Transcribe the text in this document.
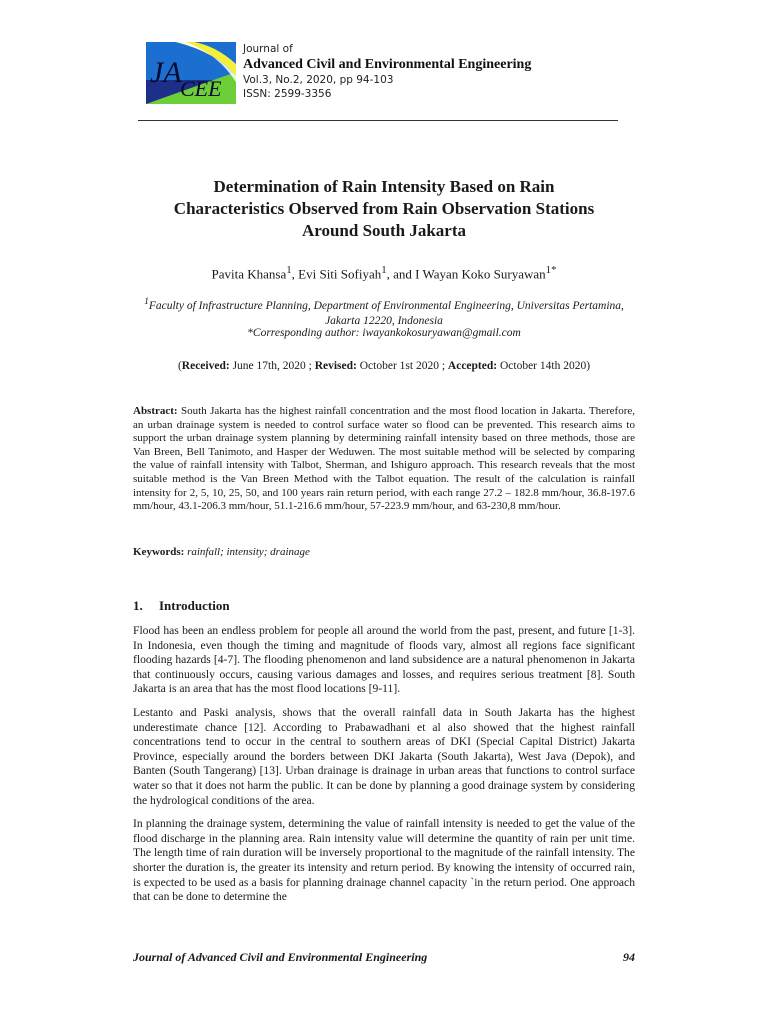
JA
CEE
Journal of
Advanced Civil and Environmental Engineering
Vol.3, No.2, 2020, pp 94-103
ISSN: 2599-3356
Determination of Rain Intensity Based on Rain
Characteristics Observed from Rain Observation Stations
Around South Jakarta
Pavita Khansa$^1$, Evi Siti Sofiyah$^1$, and I Wayan Koko Suryawan$^{1*}$
$^1$Faculty of Infrastructure Planning, Department of Environmental Engineering, Universitas Pertamina,
Jakarta 12220, Indonesia
*Corresponding author: iwayankokosuryawan@gmail.com
(Received: June 17th, 2020 ; Revised: October 1st 2020 ; Accepted: October 14th 2020)
Abstract: South Jakarta has the highest rainfall concentration and the most flood location in Jakarta. Therefore, an urban drainage system is needed to control surface water so flood can be prevented. This research aims to support the urban drainage system planning by determining rainfall intensity based on three methods, those are Van Breen, Bell Tanimoto, and Hasper der Weduwen. The most suitable method will be selected by comparing the value of rainfall intensity with Talbot, Sherman, and Ishiguro approach. This research reveals that the most suitable method is the Van Breen Method with the Talbot equation. The result of the calculation is rainfall intensity for 2, 5, 10, 25, 50, and 100 years rain return period, with each range 27.2 – 182.8 mm/hour, 36.8-197.6 mm/hour, 43.1-206.3 mm/hour, 51.1-216.6 mm/hour, 57-223.9 mm/hour, and 63-230,8 mm/hour.
Keywords: rainfall; intensity; drainage
1. Introduction

Flood has been an endless problem for people all around the world from the past, present, and future [1-3]. In Indonesia, even though the timing and magnitude of floods vary, almost all regions face significant flooding hazards [4-7]. The flooding phenomenon and land subsidence are a natural phenomenon in Jakarta that continuously occurs, causing various damages and losses, and requires serious treatment [8]. South Jakarta is an area that has the most flood locations [9-11].

Lestanto and Paski analysis, shows that the overall rainfall data in South Jakarta has the highest underestimate chance [12]. According to Prabawadhani et al also showed that the highest rainfall concentrations tend to occur in the central to southern areas of DKI (Special Capital District) Jakarta Province, especially around the borders between DKI Jakarta (South Jakarta), West Java (Depok), and Banten (South Tangerang) [13]. Urban drainage is drainage in urban areas that functions to control surface water so that it does not harm the public. It can be done by planning a good drainage system by considering the hydrological conditions of the area.

In planning the drainage system, determining the value of rainfall intensity is needed to get the value of the flood discharge in the planning area. Rain intensity value will determine the quantity of rain per unit time. The length time of rain duration will be inversely proportional to the magnitude of the rainfall intensity. The shorter the duration is, the greater its intensity and return period. By knowing the intensity of occurred rain, is expected to be used as a basis for planning drainage channel capacity `in the return period. One approach that can be done to determine the

Journal of Advanced Civil and Environmental Engineering	94
